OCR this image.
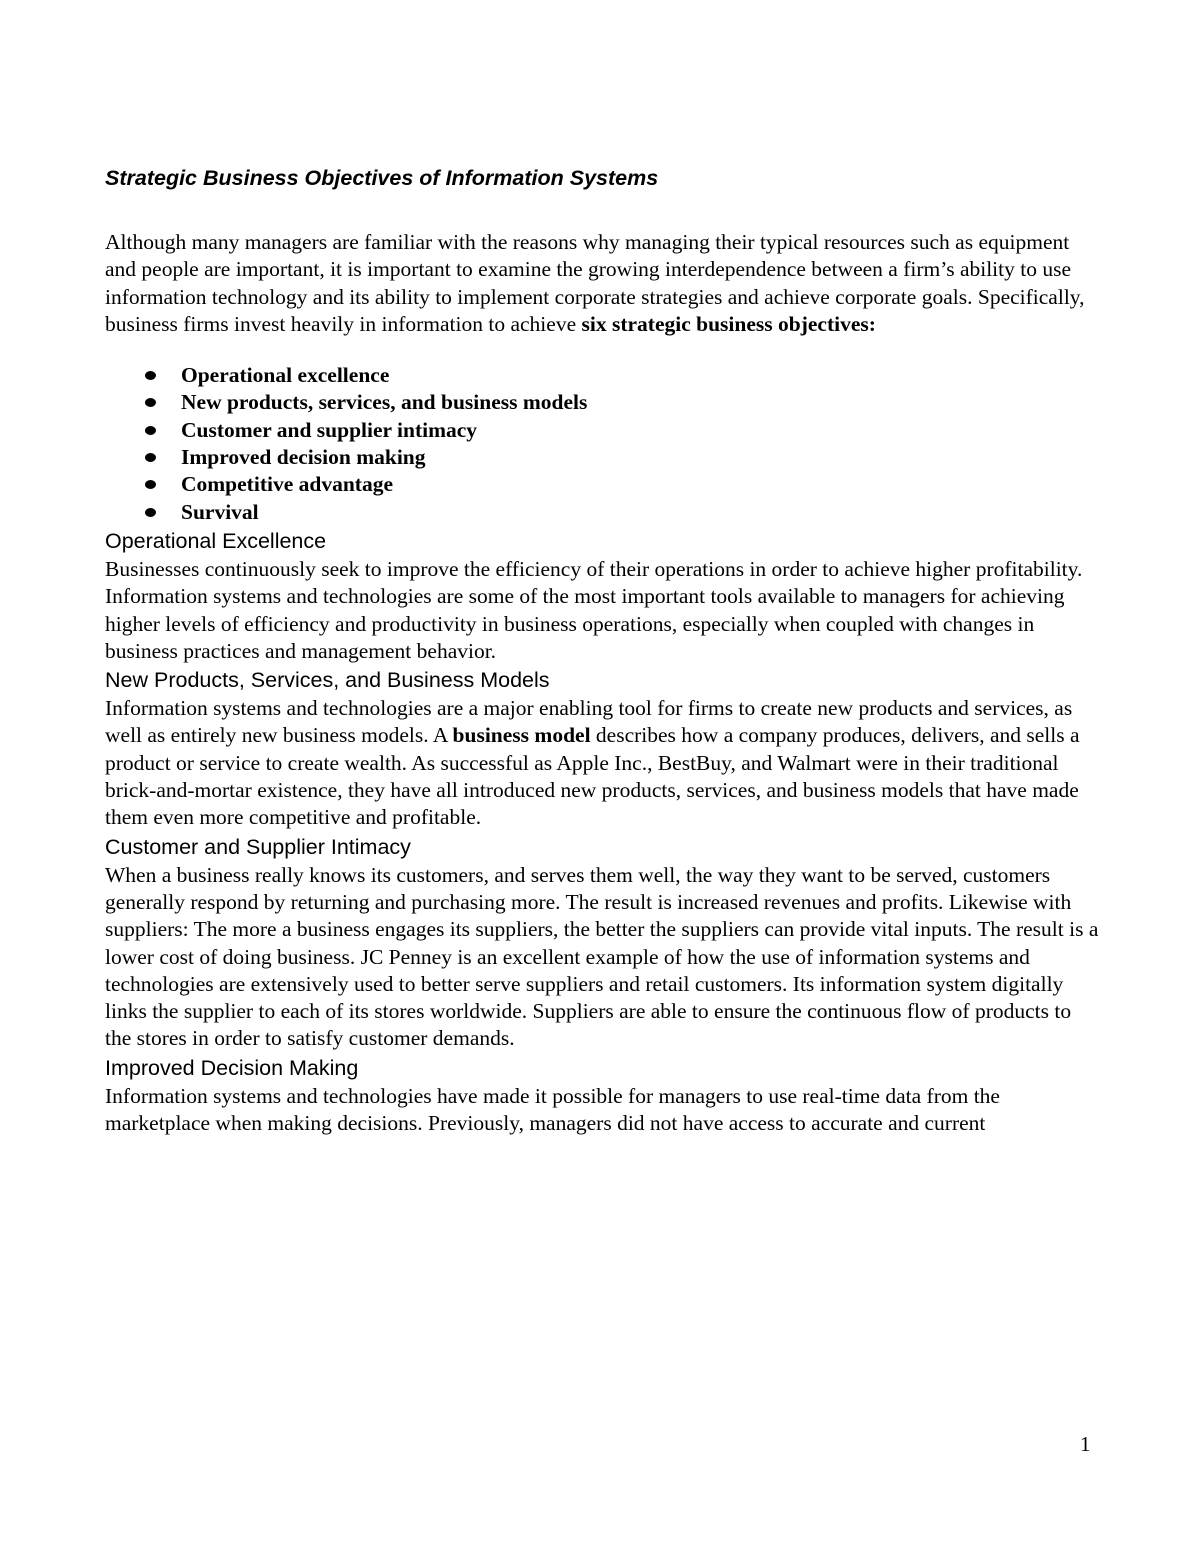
Strategic Business Objectives of Information Systems

Although many managers are familiar with the reasons why managing their typical resources such as equipment and people are important, it is important to examine the growing interdependence between a firm’s ability to use information technology and its ability to implement corporate strategies and achieve corporate goals. Specifically, business firms invest heavily in information to achieve six strategic business objectives:

Operational excellence
New products, services, and business models
Customer and supplier intimacy
Improved decision making
Competitive advantage
Survival
Operational Excellence

Businesses continuously seek to improve the efficiency of their operations in order to achieve higher profitability. Information systems and technologies are some of the most important tools available to managers for achieving higher levels of efficiency and productivity in business operations, especially when coupled with changes in business practices and management behavior.

New Products, Services, and Business Models

Information systems and technologies are a major enabling tool for firms to create new products and services, as well as entirely new business models. A business model describes how a company produces, delivers, and sells a product or service to create wealth. As successful as Apple Inc., BestBuy, and Walmart were in their traditional brick-and-mortar existence, they have all introduced new products, services, and business models that have made them even more competitive and profitable.

Customer and Supplier Intimacy

When a business really knows its customers, and serves them well, the way they want to be served, customers generally respond by returning and purchasing more. The result is increased revenues and profits. Likewise with suppliers: The more a business engages its suppliers, the better the suppliers can provide vital inputs. The result is a lower cost of doing business. JC Penney is an excellent example of how the use of information systems and technologies are extensively used to better serve suppliers and retail customers. Its information system digitally links the supplier to each of its stores worldwide. Suppliers are able to ensure the continuous flow of products to the stores in order to satisfy customer demands.

Improved Decision Making

Information systems and technologies have made it possible for managers to use real-time data from the marketplace when making decisions. Previously, managers did not have access to accurate and current

1
